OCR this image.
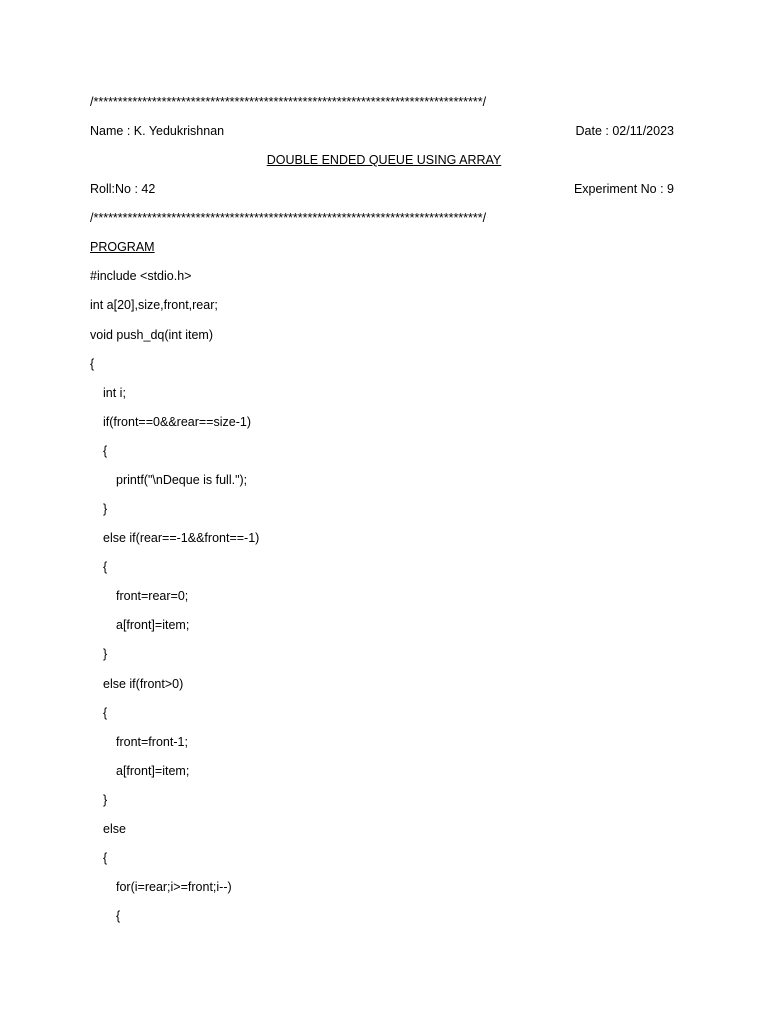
/********************************************************************************/
Name : K. Yedukrishnan	Date : 02/11/2023
DOUBLE ENDED QUEUE USING ARRAY
Roll:No : 42	Experiment No : 9
/********************************************************************************/
PROGRAM
#include <stdio.h>
int a[20],size,front,rear;
void push_dq(int item)
{
int i;
if(front==0&&rear==size-1)
{
printf("\nDeque is full.");
}
else if(rear==-1&&front==-1)
{
front=rear=0;
a[front]=item;
}
else if(front>0)
{
front=front-1;
a[front]=item;
}
else
{
for(i=rear;i>=front;i--)
{
